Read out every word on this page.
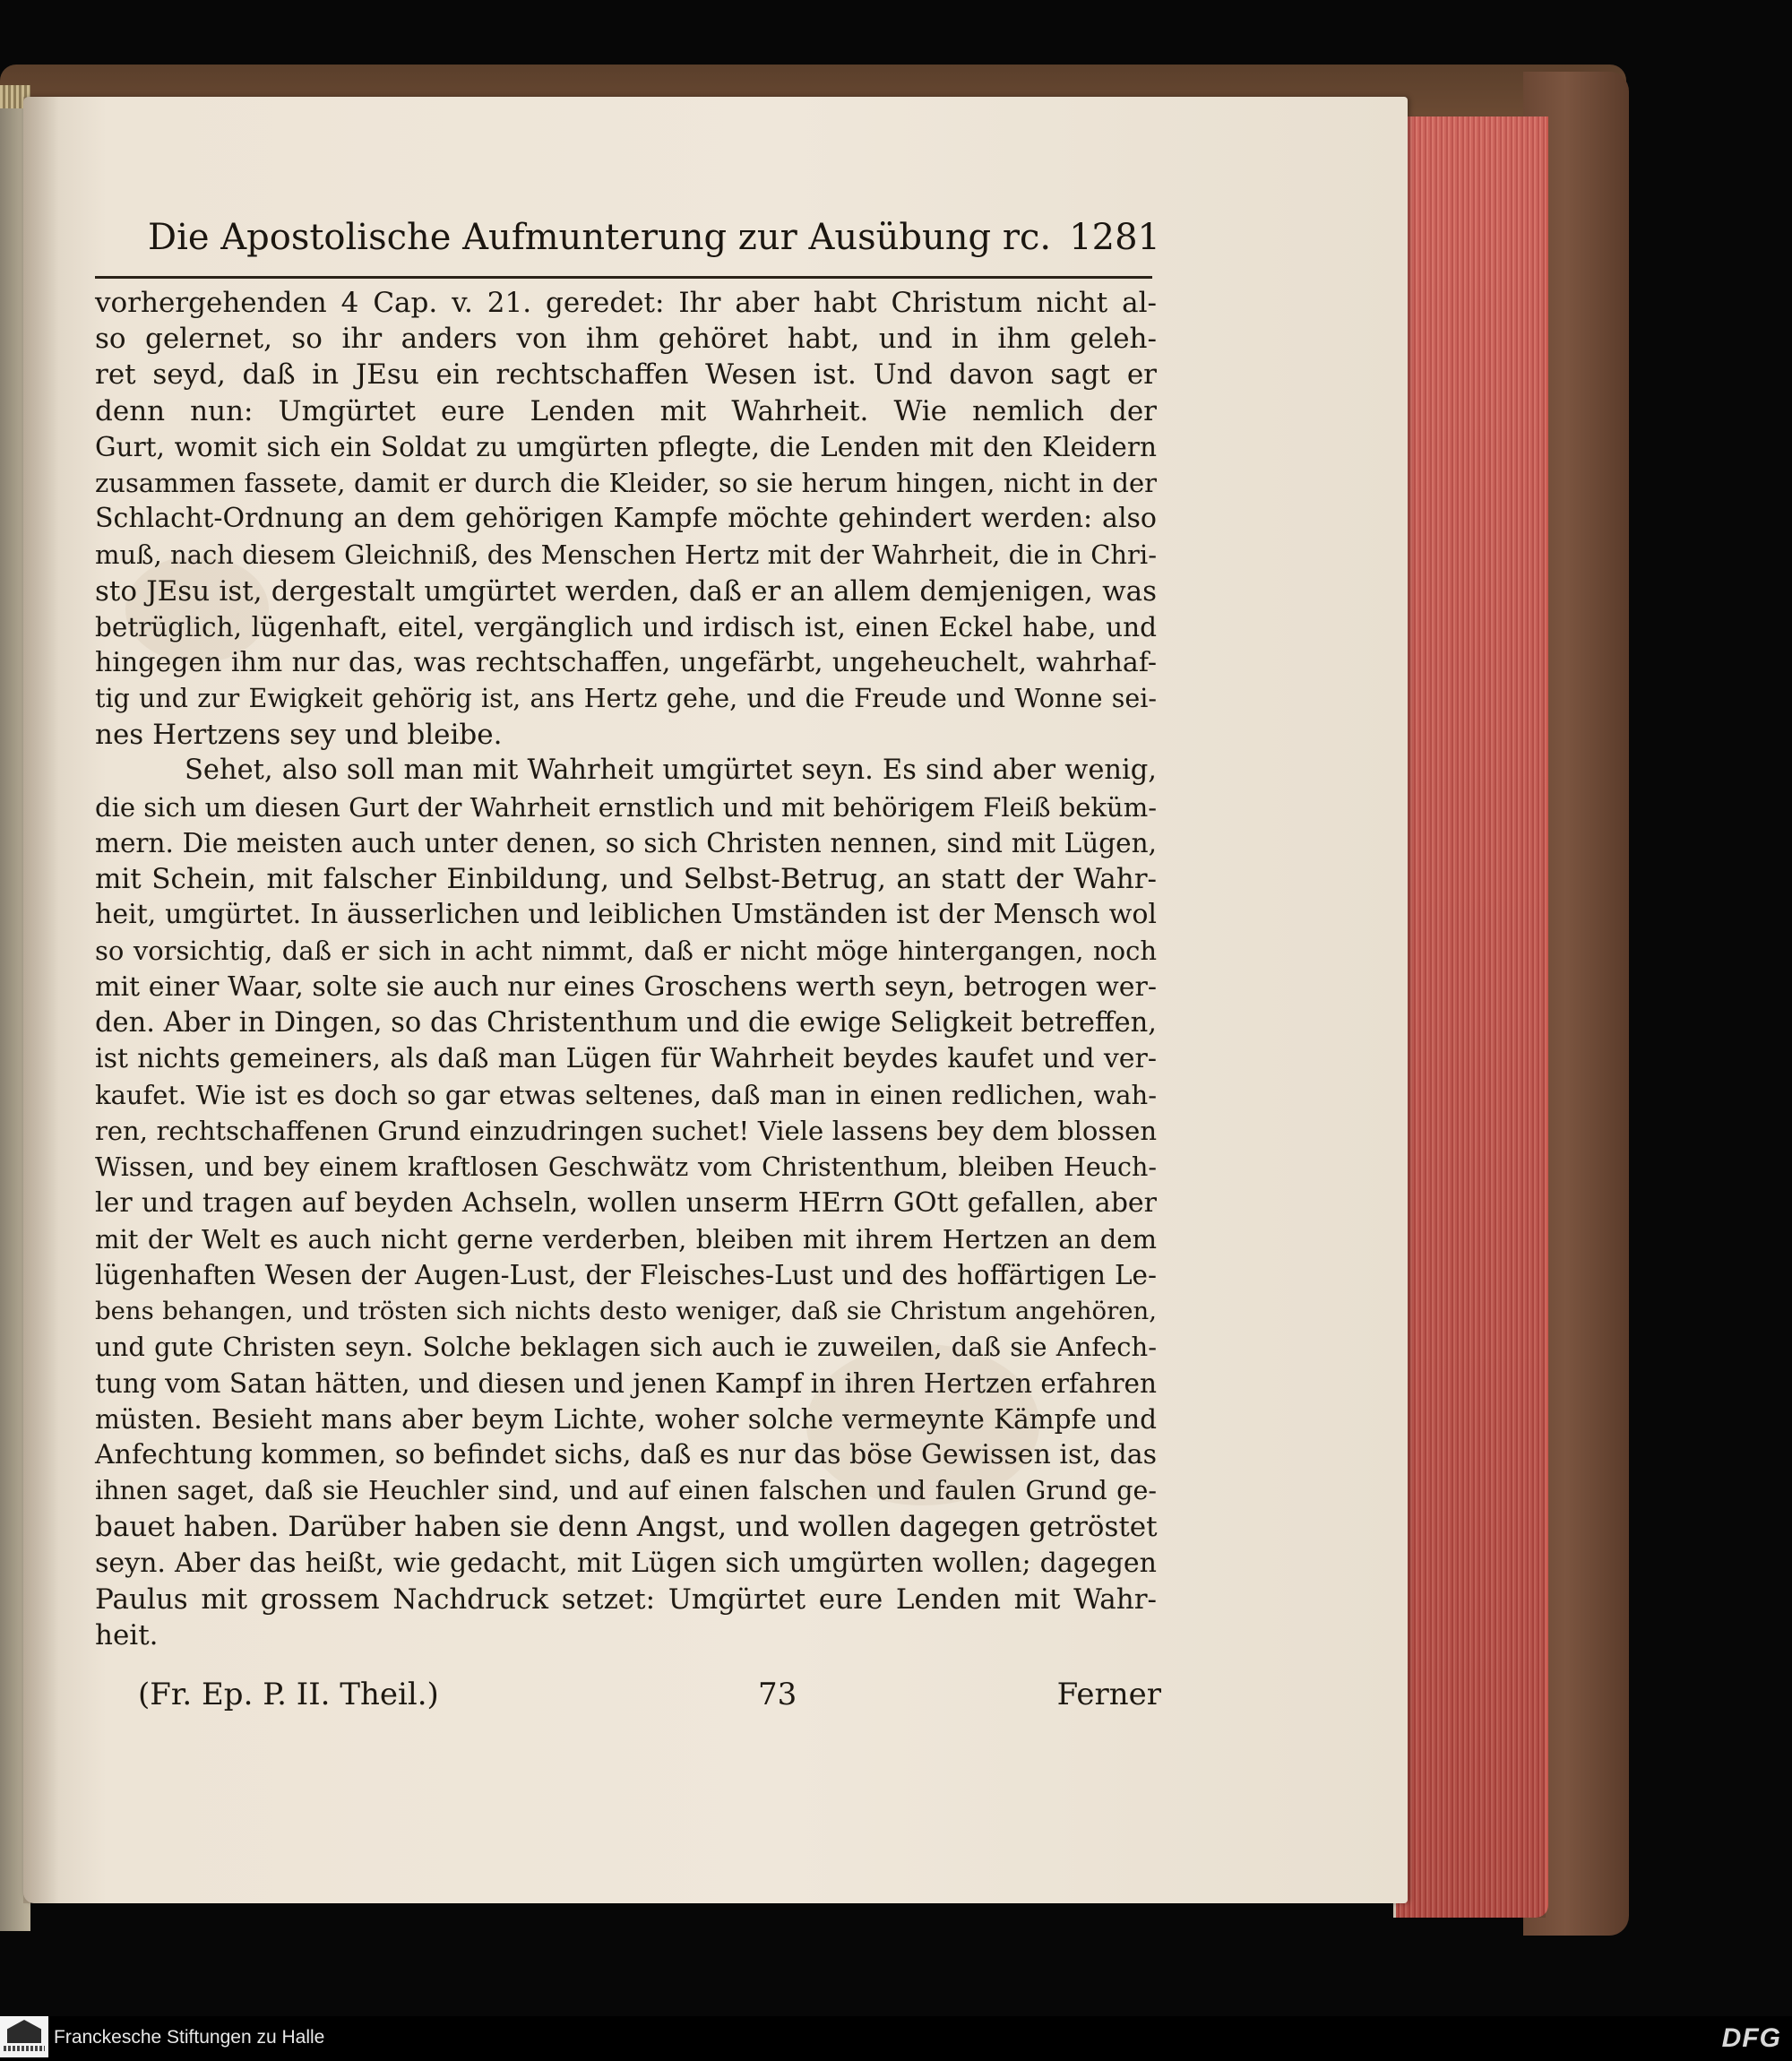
Die Apostolische Aufmunterung zur Ausübung rc. 1281
vorhergehenden 4 Cap. v. 21. geredet: Ihr aber habt Christum nicht al-
so gelernet, so ihr anders von ihm gehöret habt, und in ihm geleh-
ret seyd, daß in JEsu ein rechtschaffen Wesen ist. Und davon sagt er
denn nun: Umgürtet eure Lenden mit Wahrheit. Wie nemlich der
Gurt, womit sich ein Soldat zu umgürten pflegte, die Lenden mit den Kleidern
zusammen fassete, damit er durch die Kleider, so sie herum hingen, nicht in der
Schlacht-Ordnung an dem gehörigen Kampfe möchte gehindert werden: also
muß, nach diesem Gleichniß, des Menschen Hertz mit der Wahrheit, die in Chri-
sto JEsu ist, dergestalt umgürtet werden, daß er an allem demjenigen, was
betrüglich, lügenhaft, eitel, vergänglich und irdisch ist, einen Eckel habe, und
hingegen ihm nur das, was rechtschaffen, ungefärbt, ungeheuchelt, wahrhaf-
tig und zur Ewigkeit gehörig ist, ans Hertz gehe, und die Freude und Wonne sei-
nes Hertzens sey und bleibe.
Sehet, also soll man mit Wahrheit umgürtet seyn. Es sind aber wenig,
die sich um diesen Gurt der Wahrheit ernstlich und mit behörigem Fleiß beküm-
mern. Die meisten auch unter denen, so sich Christen nennen, sind mit Lügen,
mit Schein, mit falscher Einbildung, und Selbst-Betrug, an statt der Wahr-
heit, umgürtet. In äusserlichen und leiblichen Umständen ist der Mensch wol
so vorsichtig, daß er sich in acht nimmt, daß er nicht möge hintergangen, noch
mit einer Waar, solte sie auch nur eines Groschens werth seyn, betrogen wer-
den. Aber in Dingen, so das Christenthum und die ewige Seligkeit betreffen,
ist nichts gemeiners, als daß man Lügen für Wahrheit beydes kaufet und ver-
kaufet. Wie ist es doch so gar etwas seltenes, daß man in einen redlichen, wah-
ren, rechtschaffenen Grund einzudringen suchet! Viele lassens bey dem blossen
Wissen, und bey einem kraftlosen Geschwätz vom Christenthum, bleiben Heuch-
ler und tragen auf beyden Achseln, wollen unserm HErrn GOtt gefallen, aber
mit der Welt es auch nicht gerne verderben, bleiben mit ihrem Hertzen an dem
lügenhaften Wesen der Augen-Lust, der Fleisches-Lust und des hoffärtigen Le-
bens behangen, und trösten sich nichts desto weniger, daß sie Christum angehören,
und gute Christen seyn. Solche beklagen sich auch ie zuweilen, daß sie Anfech-
tung vom Satan hätten, und diesen und jenen Kampf in ihren Hertzen erfahren
müsten. Besieht mans aber beym Lichte, woher solche vermeynte Kämpfe und
Anfechtung kommen, so befindet sichs, daß es nur das böse Gewissen ist, das
ihnen saget, daß sie Heuchler sind, und auf einen falschen und faulen Grund ge-
bauet haben. Darüber haben sie denn Angst, und wollen dagegen getröstet
seyn. Aber das heißt, wie gedacht, mit Lügen sich umgürten wollen; dagegen
Paulus mit grossem Nachdruck setzet: Umgürtet eure Lenden mit Wahr-
heit.
(Fr. Ep. P. II. Theil.)	73	Ferner
Franckesche Stiftungen zu Halle	DFG
